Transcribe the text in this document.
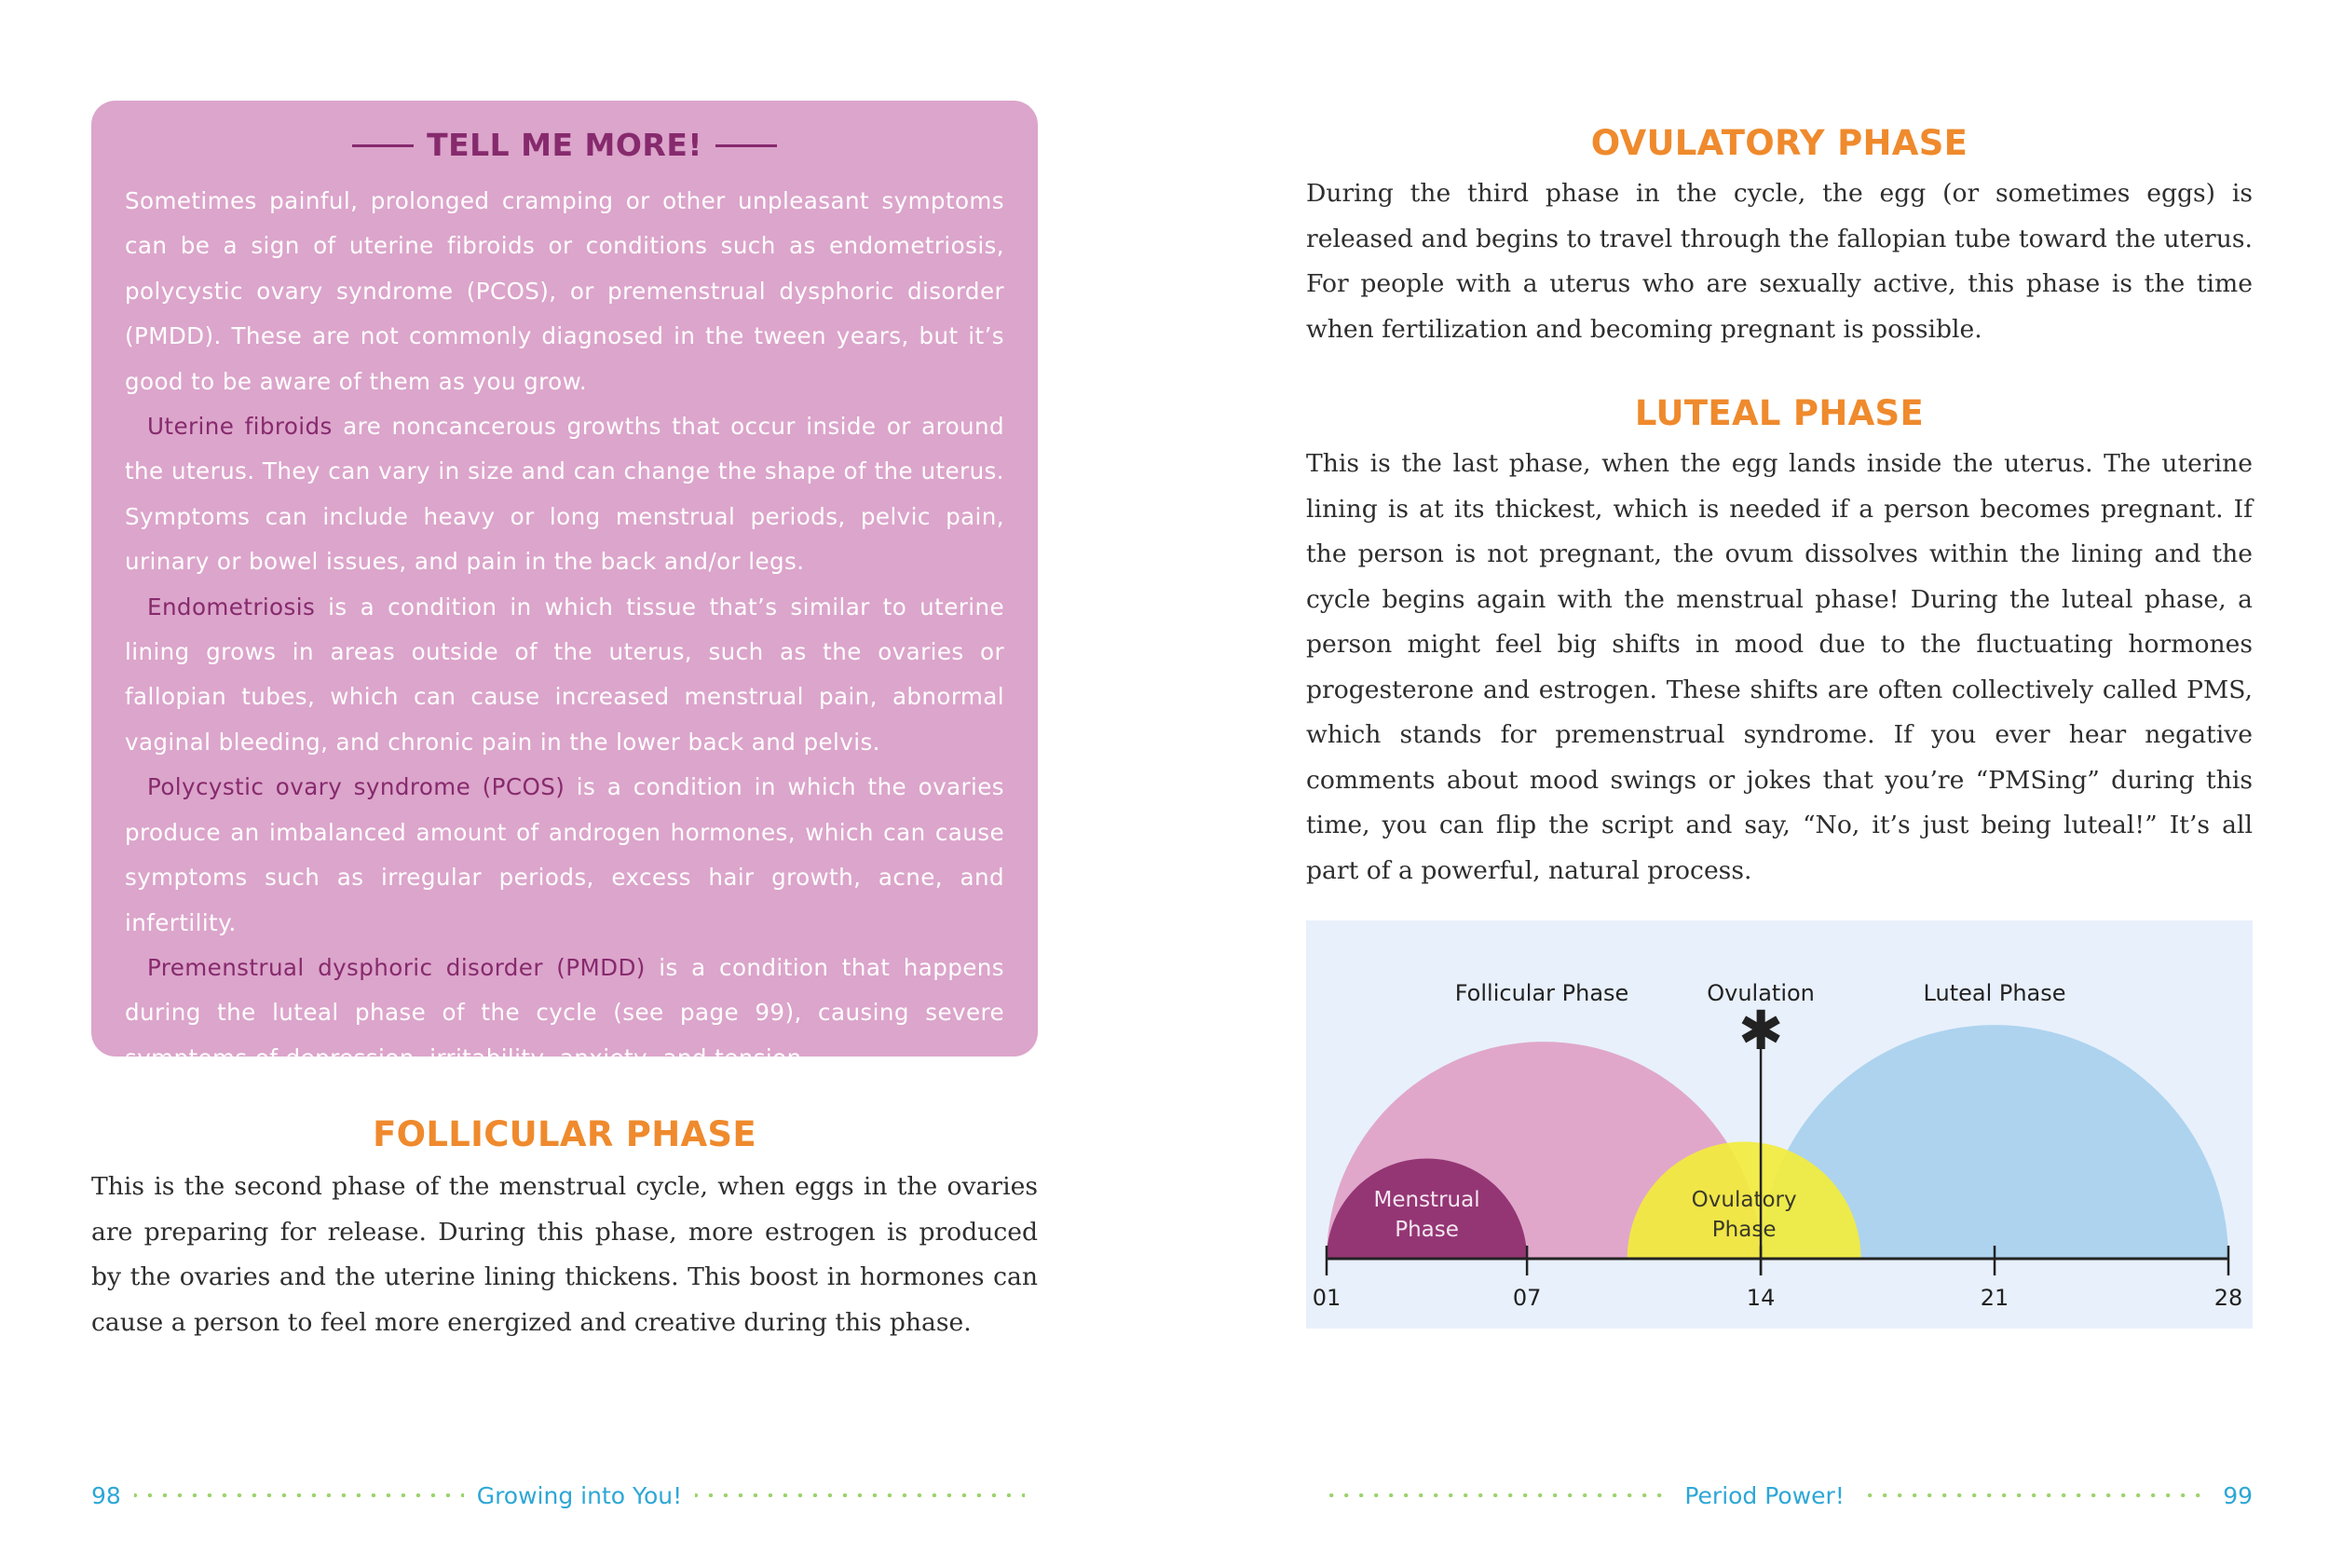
TELL ME MORE!

Sometimes painful, prolonged cramping or other unpleasant symptoms can be a sign of uterine fibroids or conditions such as endometriosis, polycystic ovary syndrome (PCOS), or premenstrual dysphoric disorder (PMDD). These are not commonly diagnosed in the tween years, but it’s good to be aware of them as you grow.

Uterine fibroids are noncancerous growths that occur inside or around the uterus. They can vary in size and can change the shape of the uterus. Symptoms can include heavy or long menstrual periods, pelvic pain, urinary or bowel issues, and pain in the back and/or legs.

Endometriosis is a condition in which tissue that’s similar to uterine lining grows in areas outside of the uterus, such as the ovaries or fallopian tubes, which can cause increased menstrual pain, abnormal vaginal bleeding, and chronic pain in the lower back and pelvis.

Polycystic ovary syndrome (PCOS) is a condition in which the ovaries produce an imbalanced amount of androgen hormones, which can cause symptoms such as irregular periods, excess hair growth, acne, and infertility.

Premenstrual dysphoric disorder (PMDD) is a condition that happens during the luteal phase of the cycle (see page 99), causing severe symptoms of depression, irritability, anxiety, and tension.

FOLLICULAR PHASE

This is the second phase of the menstrual cycle, when eggs in the ovaries are preparing for release. During this phase, more estrogen is produced by the ovaries and the uterine lining thickens. This boost in hormones can cause a person to feel more energized and creative during this phase.

98	Growing into You!
OVULATORY PHASE

During the third phase in the cycle, the egg (or sometimes eggs) is released and begins to travel through the fallopian tube toward the uterus. For people with a uterus who are sexually active, this phase is the time when fertilization and becoming pregnant is possible.

LUTEAL PHASE

This is the last phase, when the egg lands inside the uterus. The uterine lining is at its thickest, which is needed if a person becomes pregnant. If the person is not pregnant, the ovum dissolves within the lining and the cycle begins again with the menstrual phase! During the luteal phase, a person might feel big shifts in mood due to the fluctuating hormones progesterone and estrogen. These shifts are often collectively called PMS, which stands for premenstrual syndrome. If you ever hear negative comments about mood swings or jokes that you’re “PMSing” during this time, you can flip the script and say, “No, it’s just being luteal!” It’s all part of a powerful, natural process.

Period Power!	99
Menstrual
Phase
Ovulatory
Phase
✱
01	07	14	21	28
Follicular Phase	Ovulation	Luteal Phase
